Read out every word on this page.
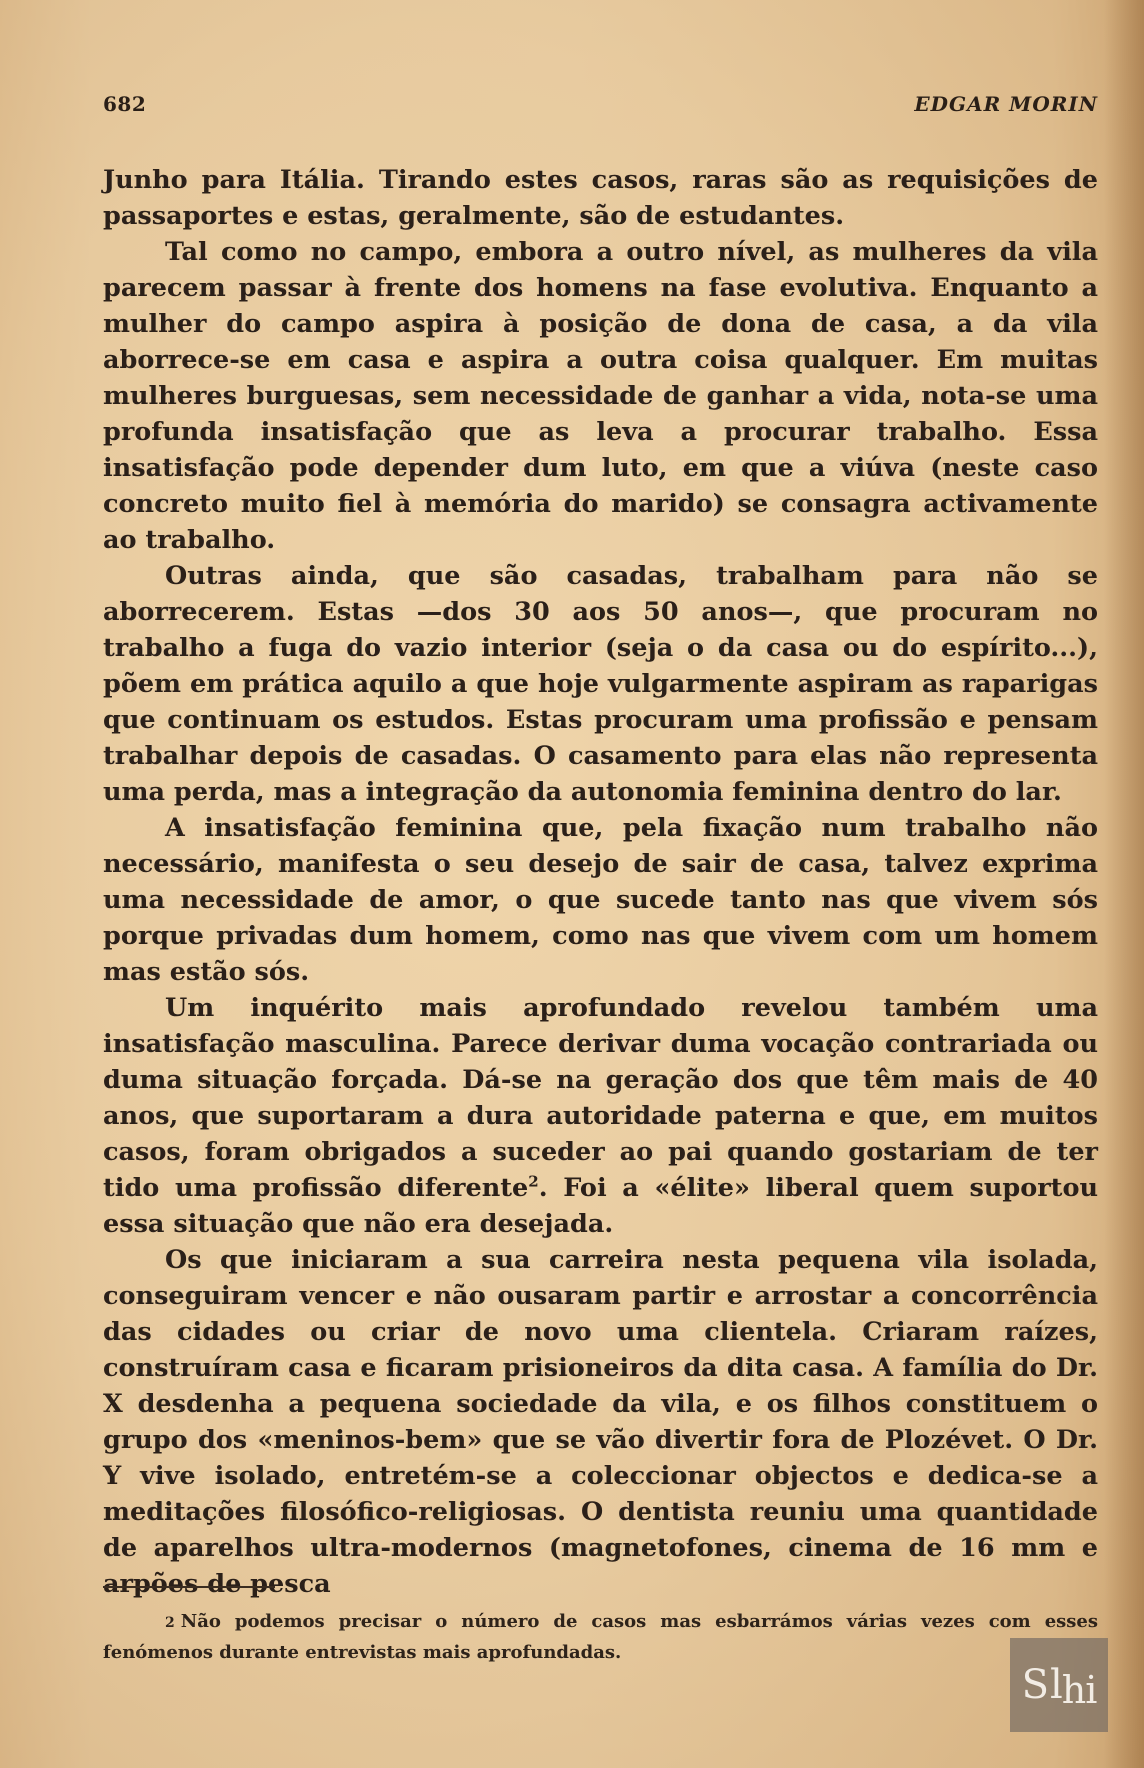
682	EDGAR MORIN

Junho para Itália. Tirando estes casos, raras são as requisições de passaportes e estas, geralmente, são de estudantes.

Tal como no campo, embora a outro nível, as mulheres da vila parecem passar à frente dos homens na fase evolutiva. Enquanto a mulher do campo aspira à posição de dona de casa, a da vila aborrece-se em casa e aspira a outra coisa qualquer. Em muitas mulheres burguesas, sem necessidade de ganhar a vida, nota-se uma profunda insatisfação que as leva a procurar trabalho. Essa insatisfação pode depender dum luto, em que a viúva (neste caso concreto muito fiel à memória do marido) se consagra activamente ao trabalho.

Outras ainda, que são casadas, trabalham para não se aborrecerem. Estas —dos 30 aos 50 anos—, que procuram no trabalho a fuga do vazio interior (seja o da casa ou do espírito...), põem em prática aquilo a que hoje vulgarmente aspiram as raparigas que continuam os estudos. Estas procuram uma profissão e pensam trabalhar depois de casadas. O casamento para elas não representa uma perda, mas a integração da autonomia feminina dentro do lar.

A insatisfação feminina que, pela fixação num trabalho não necessário, manifesta o seu desejo de sair de casa, talvez exprima uma necessidade de amor, o que sucede tanto nas que vivem sós porque privadas dum homem, como nas que vivem com um homem mas estão sós.

Um inquérito mais aprofundado revelou também uma insatisfação masculina. Parece derivar duma vocação contrariada ou duma situação forçada. Dá-se na geração dos que têm mais de 40 anos, que suportaram a dura autoridade paterna e que, em muitos casos, foram obrigados a suceder ao pai quando gostariam de ter tido uma profissão diferente$^2$. Foi a «élite» liberal quem suportou essa situação que não era desejada.

Os que iniciaram a sua carreira nesta pequena vila isolada, conseguiram vencer e não ousaram partir e arrostar a concorrência das cidades ou criar de novo uma clientela. Criaram raízes, construíram casa e ficaram prisioneiros da dita casa. A família do Dr. X desdenha a pequena sociedade da vila, e os filhos constituem o grupo dos «meninos-bem» que se vão divertir fora de Plozévet. O Dr. Y vive isolado, entretém-se a coleccionar objectos e dedica-se a meditações filosófico-religiosas. O dentista reuniu uma quantidade de aparelhos ultra-modernos (magnetofones, cinema de 16 mm e arpões de pesca

2 Não podemos precisar o número de casos mas esbarrámos várias vezes com esses fenómenos durante entrevistas mais aprofundadas.

S l hi
